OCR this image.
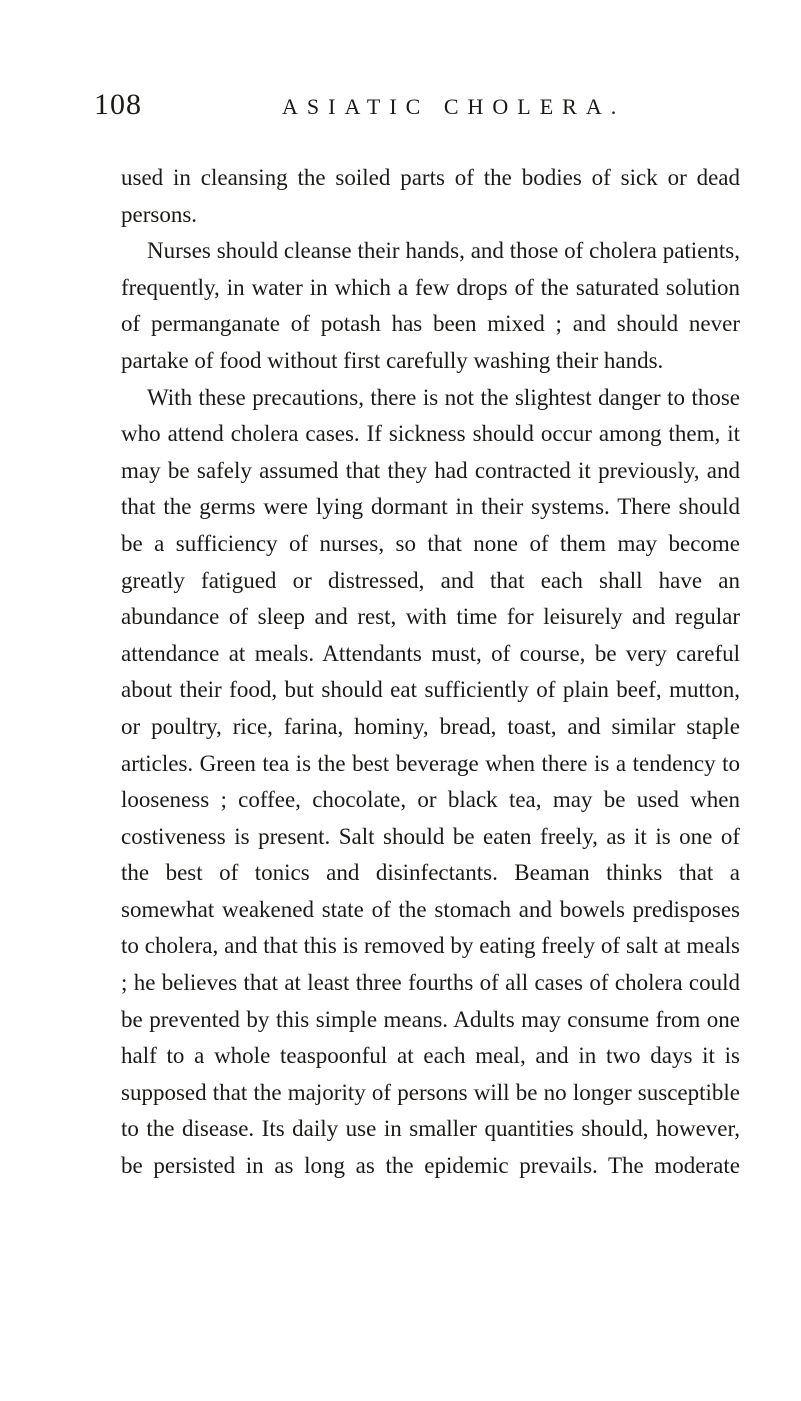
108	ASIATIC CHOLERA.

used in cleansing the soiled parts of the bodies of sick or dead persons.

Nurses should cleanse their hands, and those of cholera patients, frequently, in water in which a few drops of the saturated solution of permanganate of potash has been mixed ; and should never partake of food without first carefully washing their hands.

With these precautions, there is not the slightest danger to those who attend cholera cases. If sickness should occur among them, it may be safely assumed that they had contracted it previously, and that the germs were lying dormant in their systems. There should be a sufficiency of nurses, so that none of them may become greatly fatigued or distressed, and that each shall have an abundance of sleep and rest, with time for leisurely and regular attendance at meals. Attendants must, of course, be very careful about their food, but should eat sufficiently of plain beef, mutton, or poultry, rice, farina, hominy, bread, toast, and similar staple articles. Green tea is the best beverage when there is a tendency to looseness ; coffee, chocolate, or black tea, may be used when costiveness is present. Salt should be eaten freely, as it is one of the best of tonics and disinfectants. Beaman thinks that a somewhat weakened state of the stomach and bowels predisposes to cholera, and that this is removed by eating freely of salt at meals ; he believes that at least three fourths of all cases of cholera could be prevented by this simple means. Adults may consume from one half to a whole teaspoonful at each meal, and in two days it is supposed that the majority of persons will be no longer susceptible to the disease. Its daily use in smaller quantities should, however, be persisted in as long as the epidemic prevails. The moderate
